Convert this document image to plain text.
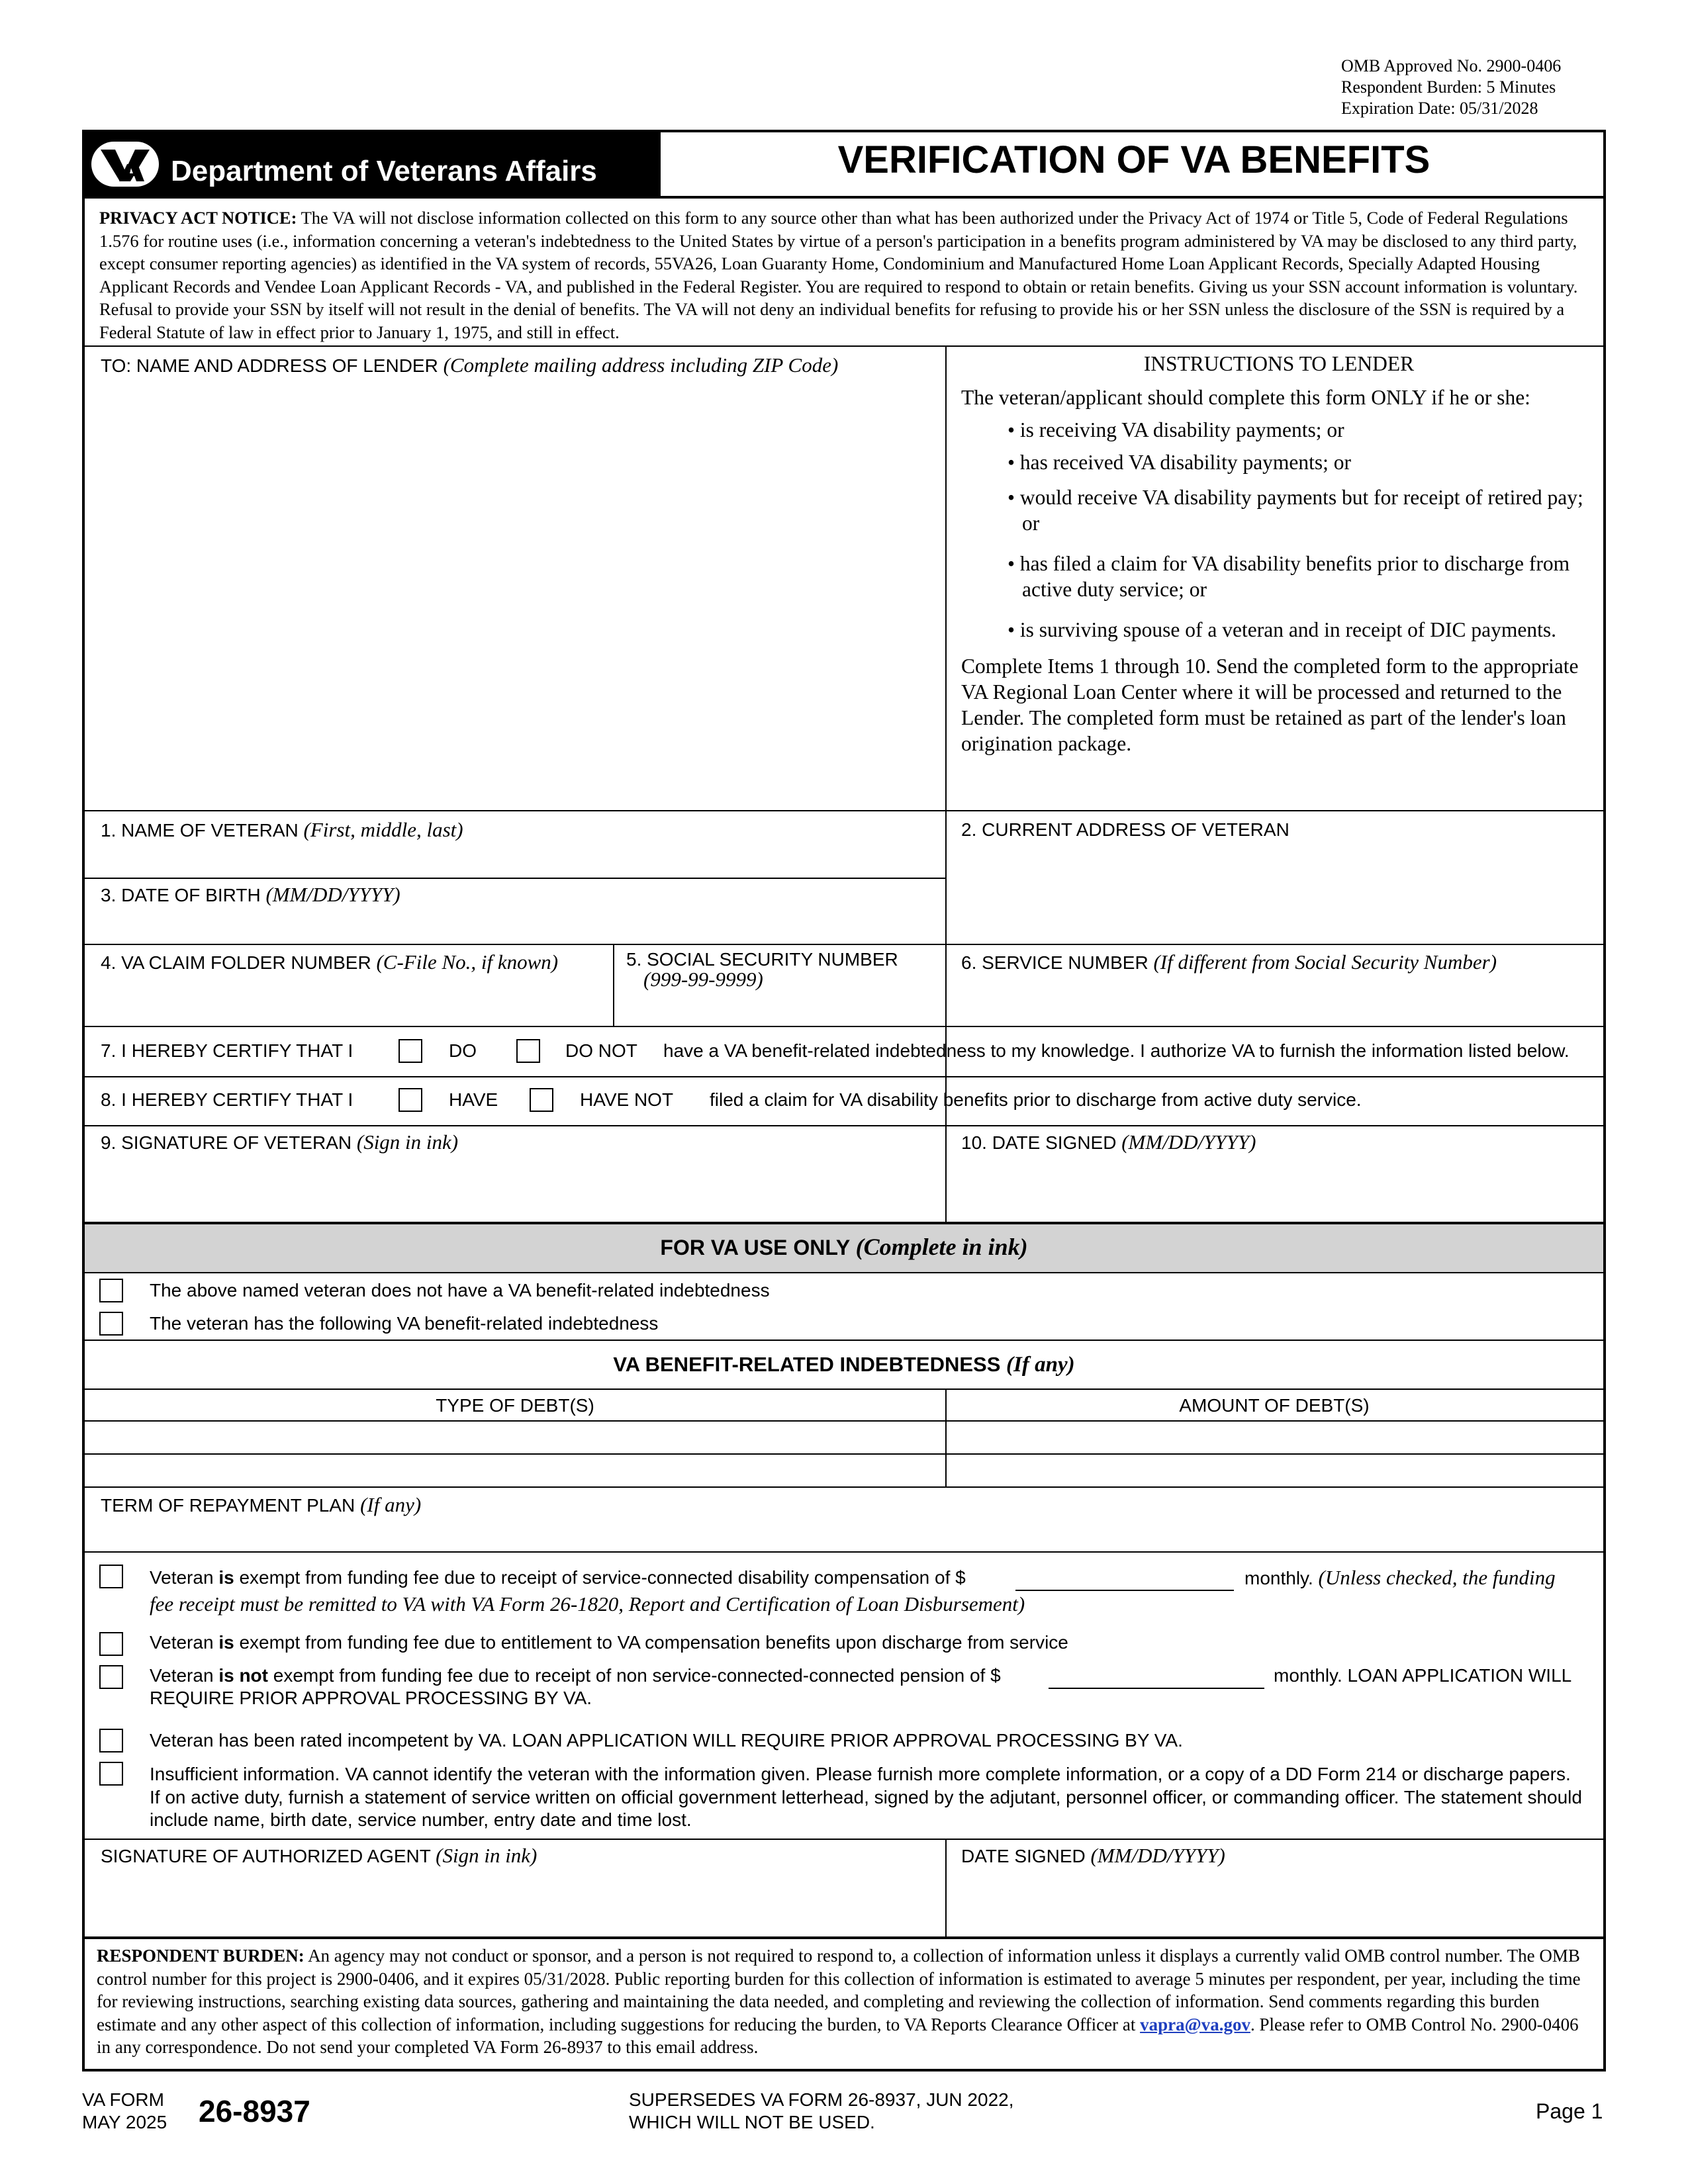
OMB Approved No. 2900-0406
Respondent Burden: 5 Minutes
Expiration Date: 05/31/2028
Department of Veterans Affairs	VERIFICATION OF VA BENEFITS
PRIVACY ACT NOTICE: The VA will not disclose information collected on this form to any source other than what has been authorized under the Privacy Act of 1974 or Title 5, Code of Federal Regulations 1.576 for routine uses (i.e., information concerning a veteran's indebtedness to the United States by virtue of a person's participation in a benefits program administered by VA may be disclosed to any third party, except consumer reporting agencies) as identified in the VA system of records, 55VA26, Loan Guaranty Home, Condominium and Manufactured Home Loan Applicant Records, Specially Adapted Housing Applicant Records and Vendee Loan Applicant Records - VA, and published in the Federal Register. You are required to respond to obtain or retain benefits. Giving us your SSN account information is voluntary. Refusal to provide your SSN by itself will not result in the denial of benefits. The VA will not deny an individual benefits for refusing to provide his or her SSN unless the disclosure of the SSN is required by a Federal Statute of law in effect prior to January 1, 1975, and still in effect.
TO: NAME AND ADDRESS OF LENDER (Complete mailing address including ZIP Code)	INSTRUCTIONS TO LENDER
The veteran/applicant should complete this form ONLY if he or she:
• is receiving VA disability payments; or
• has received VA disability payments; or
• would receive VA disability payments but for receipt of retired pay; or
• has filed a claim for VA disability benefits prior to discharge from active duty service; or
• is surviving spouse of a veteran and in receipt of DIC payments.
Complete Items 1 through 10. Send the completed form to the appropriate VA Regional Loan Center where it will be processed and returned to the Lender. The completed form must be retained as part of the lender's loan origination package.
1. NAME OF VETERAN (First, middle, last)	2. CURRENT ADDRESS OF VETERAN
3. DATE OF BIRTH (MM/DD/YYYY)
4. VA CLAIM FOLDER NUMBER (C-File No., if known)	5. SOCIAL SECURITY NUMBER
(999-99-9999)
6. SERVICE NUMBER (If different from Social Security Number)
7. I HEREBY CERTIFY THAT I	DO	DO NOT have a VA benefit-related indebtedness to my knowledge. I authorize VA to furnish the information listed below.
8. I HEREBY CERTIFY THAT I	HAVE	HAVE NOT filed a claim for VA disability benefits prior to discharge from active duty service.
9. SIGNATURE OF VETERAN (Sign in ink)	10. DATE SIGNED (MM/DD/YYYY)
FOR VA USE ONLY (Complete in ink)
The above named veteran does not have a VA benefit-related indebtedness
The veteran has the following VA benefit-related indebtedness
VA BENEFIT-RELATED INDEBTEDNESS (If any)
TYPE OF DEBT(S)	AMOUNT OF DEBT(S)
TERM OF REPAYMENT PLAN (If any)
Veteran is exempt from funding fee due to receipt of service-connected disability compensation of $	monthly. (Unless checked, the funding
fee receipt must be remitted to VA with VA Form 26-1820, Report and Certification of Loan Disbursement)
Veteran is exempt from funding fee due to entitlement to VA compensation benefits upon discharge from service
Veteran is not exempt from funding fee due to receipt of non service-connected-connected pension of $	monthly. LOAN APPLICATION WILL
REQUIRE PRIOR APPROVAL PROCESSING BY VA.
Veteran has been rated incompetent by VA. LOAN APPLICATION WILL REQUIRE PRIOR APPROVAL PROCESSING BY VA.
Insufficient information. VA cannot identify the veteran with the information given. Please furnish more complete information, or a copy of a DD Form 214 or discharge papers. If on active duty, furnish a statement of service written on official government letterhead, signed by the adjutant, personnel officer, or commanding officer. The statement should include name, birth date, service number, entry date and time lost.
SIGNATURE OF AUTHORIZED AGENT (Sign in ink)	DATE SIGNED (MM/DD/YYYY)
RESPONDENT BURDEN: An agency may not conduct or sponsor, and a person is not required to respond to, a collection of information unless it displays a currently valid OMB control number. The OMB control number for this project is 2900-0406, and it expires 05/31/2028. Public reporting burden for this collection of information is estimated to average 5 minutes per respondent, per year, including the time for reviewing instructions, searching existing data sources, gathering and maintaining the data needed, and completing and reviewing the collection of information. Send comments regarding this burden estimate and any other aspect of this collection of information, including suggestions for reducing the burden, to VA Reports Clearance Officer at vapra@va.gov. Please refer to OMB Control No. 2900-0406 in any correspondence. Do not send your completed VA Form 26-8937 to this email address.
VA FORM
MAY 2025 26-8937	SUPERSEDES VA FORM 26-8937, JUN 2022,
WHICH WILL NOT BE USED.	Page 1
